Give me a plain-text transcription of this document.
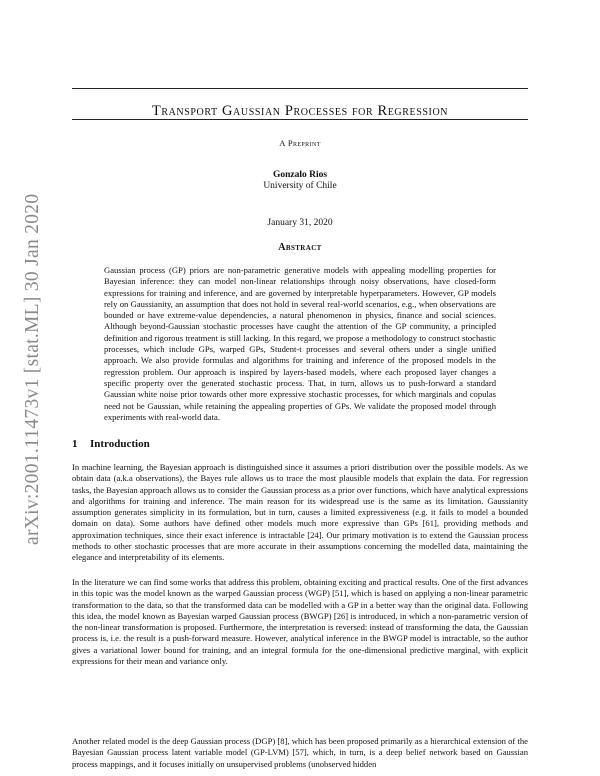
Transport Gaussian Processes for Regression
A Preprint
Gonzalo Rios
University of Chile
January 31, 2020
Abstract

Gaussian process (GP) priors are non-parametric generative models with appealing modelling properties for Bayesian inference: they can model non-linear relationships through noisy observations, have closed-form expressions for training and inference, and are governed by interpretable hyperparameters. However, GP models rely on Gaussianity, an assumption that does not hold in several real-world scenarios, e.g., when observations are bounded or have extreme-value dependencies, a natural phenomenon in physics, finance and social sciences. Although beyond-Gaussian stochastic processes have caught the attention of the GP community, a principled definition and rigorous treatment is still lacking. In this regard, we propose a methodology to construct stochastic processes, which include GPs, warped GPs, Student-t processes and several others under a single unified approach. We also provide formulas and algorithms for training and inference of the proposed models in the regression problem. Our approach is inspired by layers-based models, where each proposed layer changes a specific property over the generated stochastic process. That, in turn, allows us to push-forward a standard Gaussian white noise prior towards other more expressive stochastic processes, for which marginals and copulas need not be Gaussian, while retaining the appealing properties of GPs. We validate the proposed model through experiments with real-world data.

1 Introduction

In machine learning, the Bayesian approach is distinguished since it assumes a priori distribution over the possible models. As we obtain data (a.k.a observations), the Bayes rule allows us to trace the most plausible models that explain the data. For regression tasks, the Bayesian approach allows us to consider the Gaussian process as a prior over functions, which have analytical expressions and algorithms for training and inference. The main reason for its widespread use is the same as its limitation. Gaussianity assumption generates simplicity in its formulation, but in turn, causes a limited expressiveness (e.g. it fails to model a bounded domain on data). Some authors have defined other models much more expressive than GPs [61], providing methods and approximation techniques, since their exact inference is intractable [24]. Our primary motivation is to extend the Gaussian process methods to other stochastic processes that are more accurate in their assumptions concerning the modelled data, maintaining the elegance and interpretability of its elements.

In the literature we can find some works that address this problem, obtaining exciting and practical results. One of the first advances in this topic was the model known as the warped Gaussian process (WGP) [51], which is based on applying a non-linear parametric transformation to the data, so that the transformed data can be modelled with a GP in a better way than the original data. Following this idea, the model known as Bayesian warped Gaussian process (BWGP) [26] is introduced, in which a non-parametric version of the non-linear transformation is proposed. Furthermore, the interpretation is reversed: instead of transforming the data, the Gaussian process is, i.e. the result is a push-forward measure. However, analytical inference in the BWGP model is intractable, so the author gives a variational lower bound for training, and an integral formula for the one-dimensional predictive marginal, with explicit expressions for their mean and variance only.

Another related model is the deep Gaussian process (DGP) [8], which has been proposed primarily as a hierarchical extension of the Bayesian Gaussian process latent variable model (GP-LVM) [57], which, in turn, is a deep belief network based on Gaussian process mappings, and it focuses initially on unsupervised problems (unobserved hidden

arXiv:2001.11473v1 [stat.ML] 30 Jan 2020
